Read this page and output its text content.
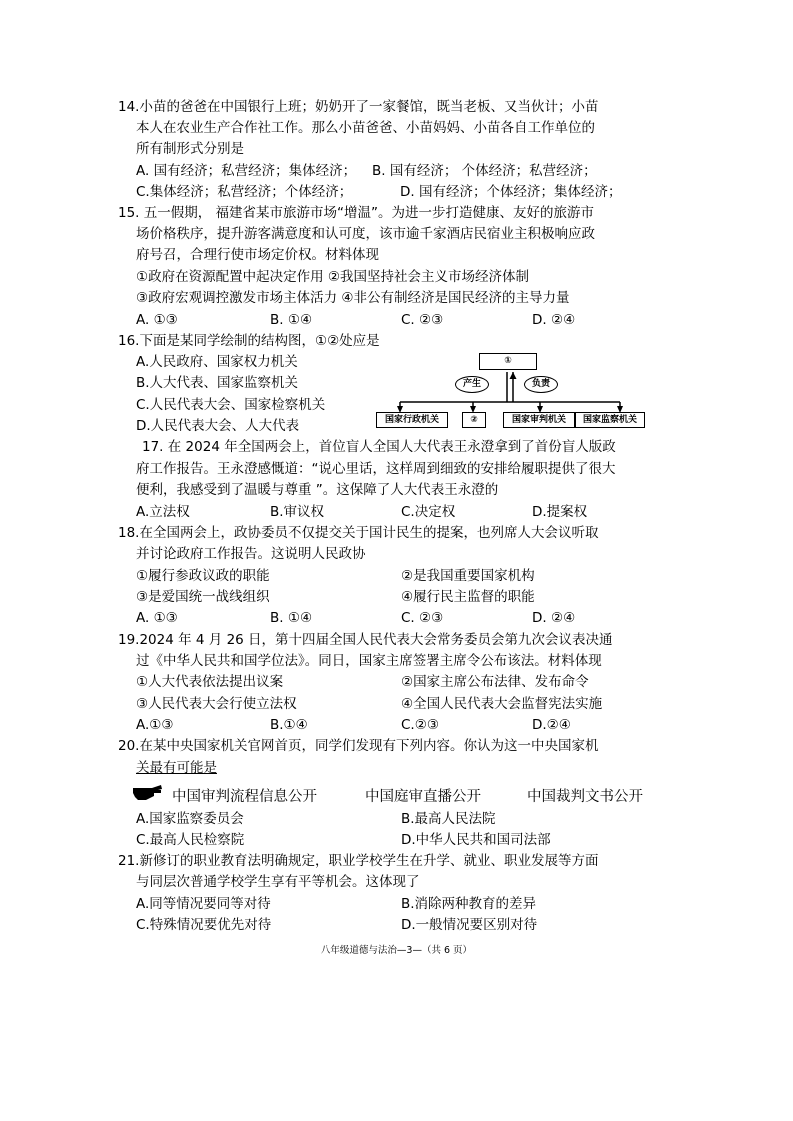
14.小苗的爸爸在中国银行上班；奶奶开了一家餐馆，既当老板、又当伙计；小苗
本人在农业生产合作社工作。那么小苗爸爸、小苗妈妈、小苗各自工作单位的
所有制形式分别是
A. 国有经济；私营经济；集体经济； B. 国有经济； 个体经济；私营经济；
C.集体经济；私营经济；个体经济；	D. 国有经济；个体经济；集体经济；
15. 五一假期， 福建省某市旅游市场“增温”。为进一步打造健康、友好的旅游市
场价格秩序，提升游客满意度和认可度，该市逾千家酒店民宿业主积极响应政
府号召，合理行使市场定价权。材料体现
①政府在资源配置中起决定作用 ②我国坚持社会主义市场经济体制
③政府宏观调控激发市场主体活力 ④非公有制经济是国民经济的主导力量
A. ①③	B. ①④	C. ②③	D. ②④
16.下面是某同学绘制的结构图，①②处应是
A.人民政府、国家权力机关
B.人大代表、国家监察机关
C.人民代表大会、国家检察机关
D.人民代表大会、人大代表
①
产生	负责
国家行政机关	②	国家审判机关	国家监察机关
17. 在 2024 年全国两会上，首位盲人全国人大代表王永澄拿到了首份盲人版政
府工作报告。王永澄感慨道：“说心里话，这样周到细致的安排给履职提供了很大
便利，我感受到了温暖与尊重 ”。这保障了人大代表王永澄的
A.立法权	B.审议权	C.决定权	D.提案权
18.在全国两会上，政协委员不仅提交关于国计民生的提案，也列席人大会议听取
并讨论政府工作报告。这说明人民政协
①履行参政议政的职能	②是我国重要国家机构
③是爱国统一战线组织	④履行民主监督的职能
A. ①③	B. ①④	C. ②③	D. ②④
19.2024 年 4 月 26 日，第十四届全国人民代表大会常务委员会第九次会议表决通
过《中华人民共和国学位法》。同日，国家主席签署主席令公布该法。材料体现
①人大代表依法提出议案	②国家主席公布法律、发布命令
③人民代表大会行使立法权	④全国人民代表大会监督宪法实施
A.①③	B.①④	C.②③	D.②④
20.在某中央国家机关官网首页，同学们发现有下列内容。你认为这一中央国家机
关最有可能是
中国审判流程信息公开	中国庭审直播公开	中国裁判文书公开
A.国家监察委员会	B.最高人民法院
C.最高人民检察院	D.中华人民共和国司法部
21.新修订的职业教育法明确规定，职业学校学生在升学、就业、职业发展等方面
与同层次普通学校学生享有平等机会。这体现了
A.同等情况要同等对待	B.消除两种教育的差异
C.特殊情况要优先对待	D.一般情况要区别对待
八年级道德与法治—3—（共 6 页）
